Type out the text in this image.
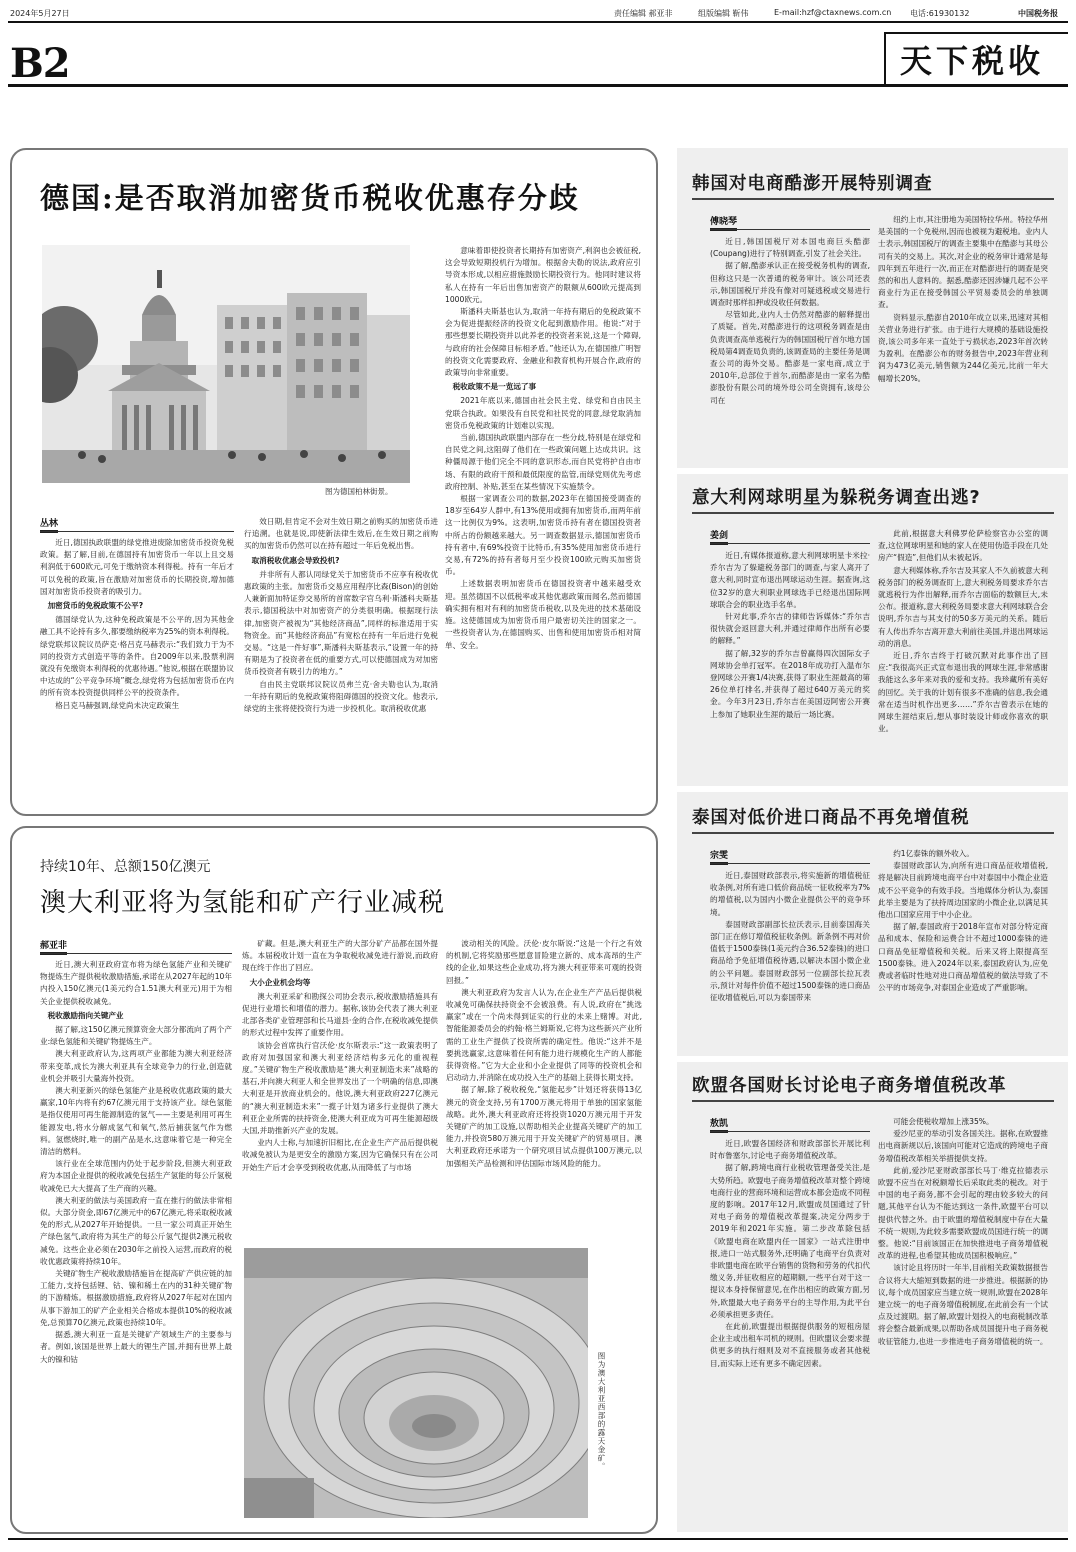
2024年5月27日	责任编辑 郝亚非	组版编辑 靳伟	E-mail:hzf@ctaxnews.com.cn 电话:61930132	中国税务报
B2	天下税收
德国:是否取消加密货币税收优惠存分歧
图为德国柏林街景。
丛林

近日,德国执政联盟的绿党推进废除加密货币投资免税政策。据了解,目前,在德国持有加密货币一年以上且交易利润低于600欧元,可免于缴纳资本利得税。持有一年后才可以免税的政策,旨在激励对加密货币的长期投资,增加德国对加密货币投资者的吸引力。

加密货币的免税政策不公平?

德国绿党认为,这种免税政策是不公平的,因为其他金融工具不论持有多久,都要缴纳税率为25%的资本利得税。绿党联邦议院议员萨克·格吕克马赫表示:“我们致力于为不同的投资方式创造平等的条件。自2009年以来,股票利润就没有免缴资本利得税的优惠待遇。”他说,根据在联盟协议中达成的“公平竞争环境”概念,绿党将为包括加密货币在内的所有资本投资提供同样公平的投资条件。

格吕克马赫强调,绿党尚未决定政策生

效日期,但肯定不会对生效日期之前购买的加密货币进行追溯。也就是说,即使新法律生效后,在生效日期之前购买的加密货币仍然可以在持有超过一年后免税出售。

取消税收优惠会导致投机?

并非所有人都认同绿党关于加密货币不应享有税收优惠政策的主张。加密货币交易应用程序比森(Bison)的创始人兼新面加特证券交易所的首席数字官乌利·斯潘科夫斯基表示,德国税法中对加密资产的分类很明确。根据现行法律,加密资产被视为“其他经济商品”,同样的标准适用于实物资金。而“其他经济商品”有宽松在持有一年后进行免税交易。“这是一件好事”,斯潘科夫斯基表示,“设置一年的持有期是为了投资者在低的重要方式,可以使德国成为对加密货币投资者有吸引力的地方。”

自由民主党联邦议院议员弗兰克·舍夫勒也认为,取消一年持有期后的免税政策将阻碍德国的投资文化。他表示,绿党的主张将使投资行为进一步投机化。取消税收优惠

意味着即使投资者长期持有加密资产,利润也会被征税,这会导致短期投机行为增加。根据舍夫勒的说法,政府应引导资本形成,以相应措施鼓励长期投资行为。他同时建议将私人在持有一年后出售加密资产的限额从600欧元提高到1000欧元。

斯潘科夫斯基也认为,取消一年持有期后的免税政策不会为促进提振经济的投资文化起到激励作用。他说:“对于那些想要长期投资并以此养老的投资者来说,这是一个障碍,与政府的社会保障目标相矛盾。”他还认为,在德国推广明智的投资文化需要政府、金融业和教育机构开展合作,政府的政策导向非常重要。

税收政策不是一览远了事

2021年底以来,德国由社会民主党、绿党和自由民主党联合执政。如果没有自民党和社民党的同意,绿党取消加密货币免税政策的计划难以实现。

当前,德国执政联盟内部存在一些分歧,特别是在绿党和自民党之间,这阻碍了他们在一些政策问题上达成共识。这种僵局源于他们完全不同的意识形态,而自民党将护自由市场、有限的政府干预和最低限度的监管,而绿党则优先考虑政府控制、补贴,甚至在某些情况下实施禁令。

根据一家调查公司的数据,2023年在德国接受调查的18岁至64岁人群中,有13%使用或拥有加密货币,而两年前这一比例仅为9%。这表明,加密货币持有者在德国投资者中所占的份额越来越大。另一调查数据显示,德国加密货币持有者中,有69%投资于比特币,有35%使用加密货币进行交易,有72%的持有者每月至少投资100欧元购买加密货币。

上述数据表明加密货币在德国投资者中越来越受欢迎。虽然德国不以低税率或其他优惠政策而闻名,然而德国确实拥有相对有利的加密货币税收,以及先进的技术基础设施。这使德国成为加密货币用户最密切关注的国家之一。一些投资者认为,在德国购买、出售和使用加密货币相对简单、安全。

持续10年、总额150亿澳元
澳大利亚将为氢能和矿产行业减税
郝亚非

近日,澳大利亚政府宣布将为绿色氢能产业和关键矿物提炼生产提供税收激励措施,承诺在从2027年起的10年内投入150亿澳元(1美元约合1.51澳大利亚元)用于为相关企业提供税收减免。

税收激励指向关键产业

据了解,这150亿澳元预算资金大部分都流向了两个产业:绿色氢能和关键矿物提炼生产。

澳大利亚政府认为,这两项产业都能为澳大利亚经济带来变革,成长为澳大利亚具有全球竞争力的行业,创造就业机会并吸引大量海外投资。

澳大利亚新兴的绿色氢能产业是税收优惠政策的最大赢家,10年内将有约67亿澳元用于支持该产业。绿色氢能是指仅使用可再生能源制造的氢气——主要是利用可再生能源发电,将水分解成氢气和氧气,然后捕获氢气作为燃料。氢燃烧时,唯一的副产品是水,这意味着它是一种完全清洁的燃料。

该行业在全球范围内仍处于起步阶段,但澳大利亚政府为本国企业提供的税收减免包括生产氢能的每公斤氢税收减免已大大提高了生产商的兴趣。

澳大利亚的做法与美国政府一直在推行的做法非常相似。大部分资金,即67亿澳元中的67亿澳元,将采取税收减免的形式,从2027年开始提供。一旦一家公司真正开始生产绿色氢气,政府将为其生产的每公斤氢气提供2澳元税收减免。这些企业必须在2030年之前投入运营,而政府的税收优惠政策将持续10年。

关键矿物生产税收激励措施旨在提高矿产供应链的加工能力,支持包括锂、钴、镍和稀土在内的31种关键矿物的下游精炼。根据激励措施,政府将从2027年起对在国内从事下游加工的矿产企业相关合格成本提供10%的税收减免,总预算70亿澳元,政策也持续10年。

据悉,澳大利亚一直是关键矿产领域生产的主要参与者。例如,该国是世界上最大的锂生产国,并拥有世界上最大的镍和钴

矿藏。但是,澳大利亚生产的大部分矿产品都在国外提炼。本届税收计划一直在为争取税收减免进行游说,而政府现在终于作出了回应。

大小企业机会均等

澳大利亚采矿和勘探公司协会表示,税收激励措施具有促进行业增长和增值的潜力。据称,该协会代表了澳大利亚北部各类矿业管理部和长马道县·金的合作,在税收减免提供的形式过程中发挥了重要作用。

该协会首席执行官沃伦·皮尔斯表示:“这一政策表明了政府对加强国家和澳大利亚经济结构多元化的重视程度。”关键矿物生产税收激励是“澳大利亚制造未来”战略的基石,并向澳大利亚人和全世界发出了一个明确的信息,即澳大利亚是开放商业机会的。他说,澳大利亚政府227亿澳元的“澳大利亚制造未来”一揽子计划为诸多行业提供了澳大利亚企业所需的扶持资金,使澳大利亚成为可再生能源超级大国,并助推新兴产业的发展。

业内人士称,与加速折旧相比,在企业生产产品后提供税收减免被认为是更安全的激励方案,因为它确保只有在公司开始生产后才会享受到税收优惠,从而降低了与市场

波动相关的风险。沃伦·皮尔斯说:“这是一个行之有效的机制,它将奖励那些愿意冒险建立新的、成本高昂的生产线的企业,如果这些企业成功,将为澳大利亚带来可观的投资回报。”

澳大利亚政府为发言人认为,在企业生产产品后提供税收减免可确保扶持资金不会被浪费。有人说,政府在“挑选赢家”或在一个尚未得到证实的行业的未来上赌博。对此,智能能源委员会的约翰·格兰姆斯说,它将为这些新兴产业所需的工业生产提供了投资所需的确定性。他说:“这并不是要挑选赢家,这意味着任何有能力进行规模化生产的人都能获得资格。”它为大企业和小企业提供了同等的投资机会和启动动力,并消除在成功投入生产的基础上获得长期支持。

据了解,除了税收税免,“氢能起步”计划还将获得13亿澳元的资金支持,另有1700万澳元将用于单独的国家氢能战略。此外,澳大利亚政府还将投资1020万澳元用于开发关键矿产的加工设施,以帮助相关企业提高关键矿产的加工能力,并投资580万澳元用于开发关键矿产的贸易项目。澳大利亚政府还承诺为一个研究项目试点提供100万澳元,以加强相关产品检测和评估国际市场风险的能力。

图为澳大利亚西部的露天金矿。
韩国对电商酷澎开展特别调查
傅晓琴

近日,韩国国税厅对本国电商巨头酷澎(Coupang)进行了特别调查,引发了社会关注。

据了解,酷澎承认正在接受税务机构的调查,但称这只是一次普通的税务审计。该公司还表示,韩国国税厅并没有像对可疑逃税或交易进行调查时那样扣押或没收任何数据。

尽管如此,业内人士仍然对酷澎的解释提出了质疑。首先,对酷澎进行的这项税务调查是由负责调查高单逃税行为的韩国国税厅首尔地方国税局第4调查局负责的,该调查局的主要任务是调查公司的海外交易。酷澎是一家电商,成立于2010年,总部位于首尔,而酷澎是由一家名为酷澎股份有限公司的境外母公司全资拥有,该母公司在

纽约上市,其注册地为美国特拉华州。特拉华州是美国的一个免税州,因而也被视为避税地。业内人士表示,韩国国税厅的调查主要集中在酷澎与其母公司有关的交易上。其次,对企业的税务审计通常是每四年到五年进行一次,而正在对酷澎进行的调查是突然的和出人意料的。据悉,酷澎还因涉嫌几起不公平商业行为正在接受韩国公平贸易委员会的单独调查。

资料显示,酷澎自2010年成立以来,迅速对其相关营业务进行扩张。由于进行大规模的基础设施投资,该公司多年来一直处于亏损状态,2023年首次转为盈利。在酷澎公布的财务报告中,2023年营业利润为473亿美元,销售额为244亿美元,比前一年大幅增长20%。

意大利网球明星为躲税务调查出逃?
姜剑

近日,有媒体报道称,意大利网球明星卡米拉·乔尔吉为了躲避税务部门的调查,与家人离开了意大利,同时宣布退出网球运动生涯。据查询,这位32岁的意大利职业网球选手已经退出国际网球联合会的职业选手名单。

针对此事,乔尔吉的律师告诉媒体:“乔尔吉很快就会返回意大利,并通过律师作出所有必要的解释。”

据了解,32岁的乔尔吉曾赢得四次国际女子网球协会单打冠军。在2018年成功打入温布尔登网球公开赛1/4决赛,获得了职业生涯最高的第26位单打排名,并获得了超过640万美元的奖金。今年3月23日,乔尔吉在美国迈阿密公开赛上参加了她职业生涯的最后一场比赛。

此前,根据意大利佛罗伦萨检察官办公室的调查,这位网球明星和她的家人在使用伪造手段在几处房产“假造”,但他们从未被起诉。

意大利媒体称,乔尔吉及其家人不久前被意大利税务部门的税务调查盯上,意大利税务局要求乔尔吉就逃税行为作出解释,而乔尔吉面临的数额巨大,未公布。报道称,意大利税务局要求意大利网球联合会说明,乔尔吉与其支付的50多万美元的关系。随后有人传出乔尔吉离开意大利前往美国,并退出网球运动的消息。

近日,乔尔吉终于打破沉默对此事作出了回应:“我很高兴正式宣布退出我的网球生涯,非常感谢我能这么多年来对我的爱和支持。我珍藏所有美好的回忆。关于我的计划有很多不准确的信息,我会通常在适当时机作出更多……”乔尔吉曾表示在她的网球生涯结束后,想从事时装设计师或你喜欢的职业。

泰国对低价进口商品不再免增值税
宗雯

近日,泰国财政部表示,将实施新的增值税征收条例,对所有进口低价商品统一征收税率为7%的增值税,以为国内小微企业提供公平的竞争环境。

泰国财政部副部长拉沃表示,目前泰国海关部门正在修订增值税征收条例。新条例不再对价值低于1500泰铢(1美元约合36.52泰铢)的进口商品给予免征增值税待遇,以解决本国小微企业的公平问题。泰国财政部另一位副部长拉瓦表示,预计对每件价值不超过1500泰铢的进口商品征收增值税后,可以为泰国带来

约1亿泰铢的额外收入。

泰国财政部认为,向所有进口商品征收增值税,将是解决目前跨境电商平台中对泰国中小微企业造成不公平竞争的有效手段。当地媒体分析认为,泰国此举主要是为了扶持周边国家的小微企业,以满足其他出口国家应用于中小企业。

据了解,泰国政府于2018年宣布对部分特定商品和成本、保险和运费合计不超过1000泰铢的进口商品免征增值税和关税。后来又将上限提高至1500泰铢。进入2024年以来,泰国政府认为,应免费或者临时性地对进口商品增值税的做法导致了不公平的市场竞争,对泰国企业造成了严重影响。

欧盟各国财长讨论电子商务增值税改革
敖凯

近日,欧盟各国经济和财政部部长开展比利时布鲁塞尔,讨论电子商务增值税改革。

据了解,跨境电商行业税收管理备受关注,是大势所趋。欧盟电子商务增值税改革对整个跨境电商行业的营商环境和运营成本都会造成不同程度的影响。2017年12月,欧盟成员国通过了针对电子商务的增值税改革提案,决定分两步于2019年和2021年实施。第二步改革除包括《欧盟电商在欧盟内任一国家》一站式注册申报,进口一站式服务外,还明确了电商平台负责对非欧盟电商在欧平台销售的货物和劳务的代扣代缴义务,并征收相应的超期额,一些平台对于这一提议本身持保留意见,在作出相应的政策方面,另外,欧盟最大电子商务平台的主导作用,为此平台必须承担更多责任。

在此前,欧盟提出根据提供服务的短租房屋企业主或出租车司机的规则。但欧盟议会要求提供更多的执行细则及对不直接服务或者其他税目,而实际上还有更多不确定因素。

可能会使税收增加上涨35%。

爱沙尼亚的举动引发各国关注。据称,在欧盟推出电商新规以后,该国向可能对它造成的跨境电子商务增值税改革相关举措提供支持。

此前,爱沙尼亚财政部部长马丁·维克拉德表示欧盟不应当在对税额增长后采取此类的税改。对于中国的电子商务,都不会引起的理由较多较大的问题,其他平台认为不能达到这一条件,欧盟平台可以提供代替之外。由于欧盟的增值税制度中存在大量不统一规则,为此较多需要欧盟成员国进行统一的调整。他说:“目前该国正在加快推进电子商务增值税改革的进程,也希望其他成员国积极响应。”

该讨论且将历时一年半,目前相关政策数据报告合议将大大缩短到数据的进一步推进。根据新的协议,每个成员国家应当建立统一规则,欧盟在2028年建立统一的电子商务增值税制度,在此前会有一个试点及过渡期。据了解,欧盟计划投入的电商税制改革将会整合最新成果,以帮助各成员国提升电子商务税收征管能力,也进一步推进电子商务增值税的统一。
